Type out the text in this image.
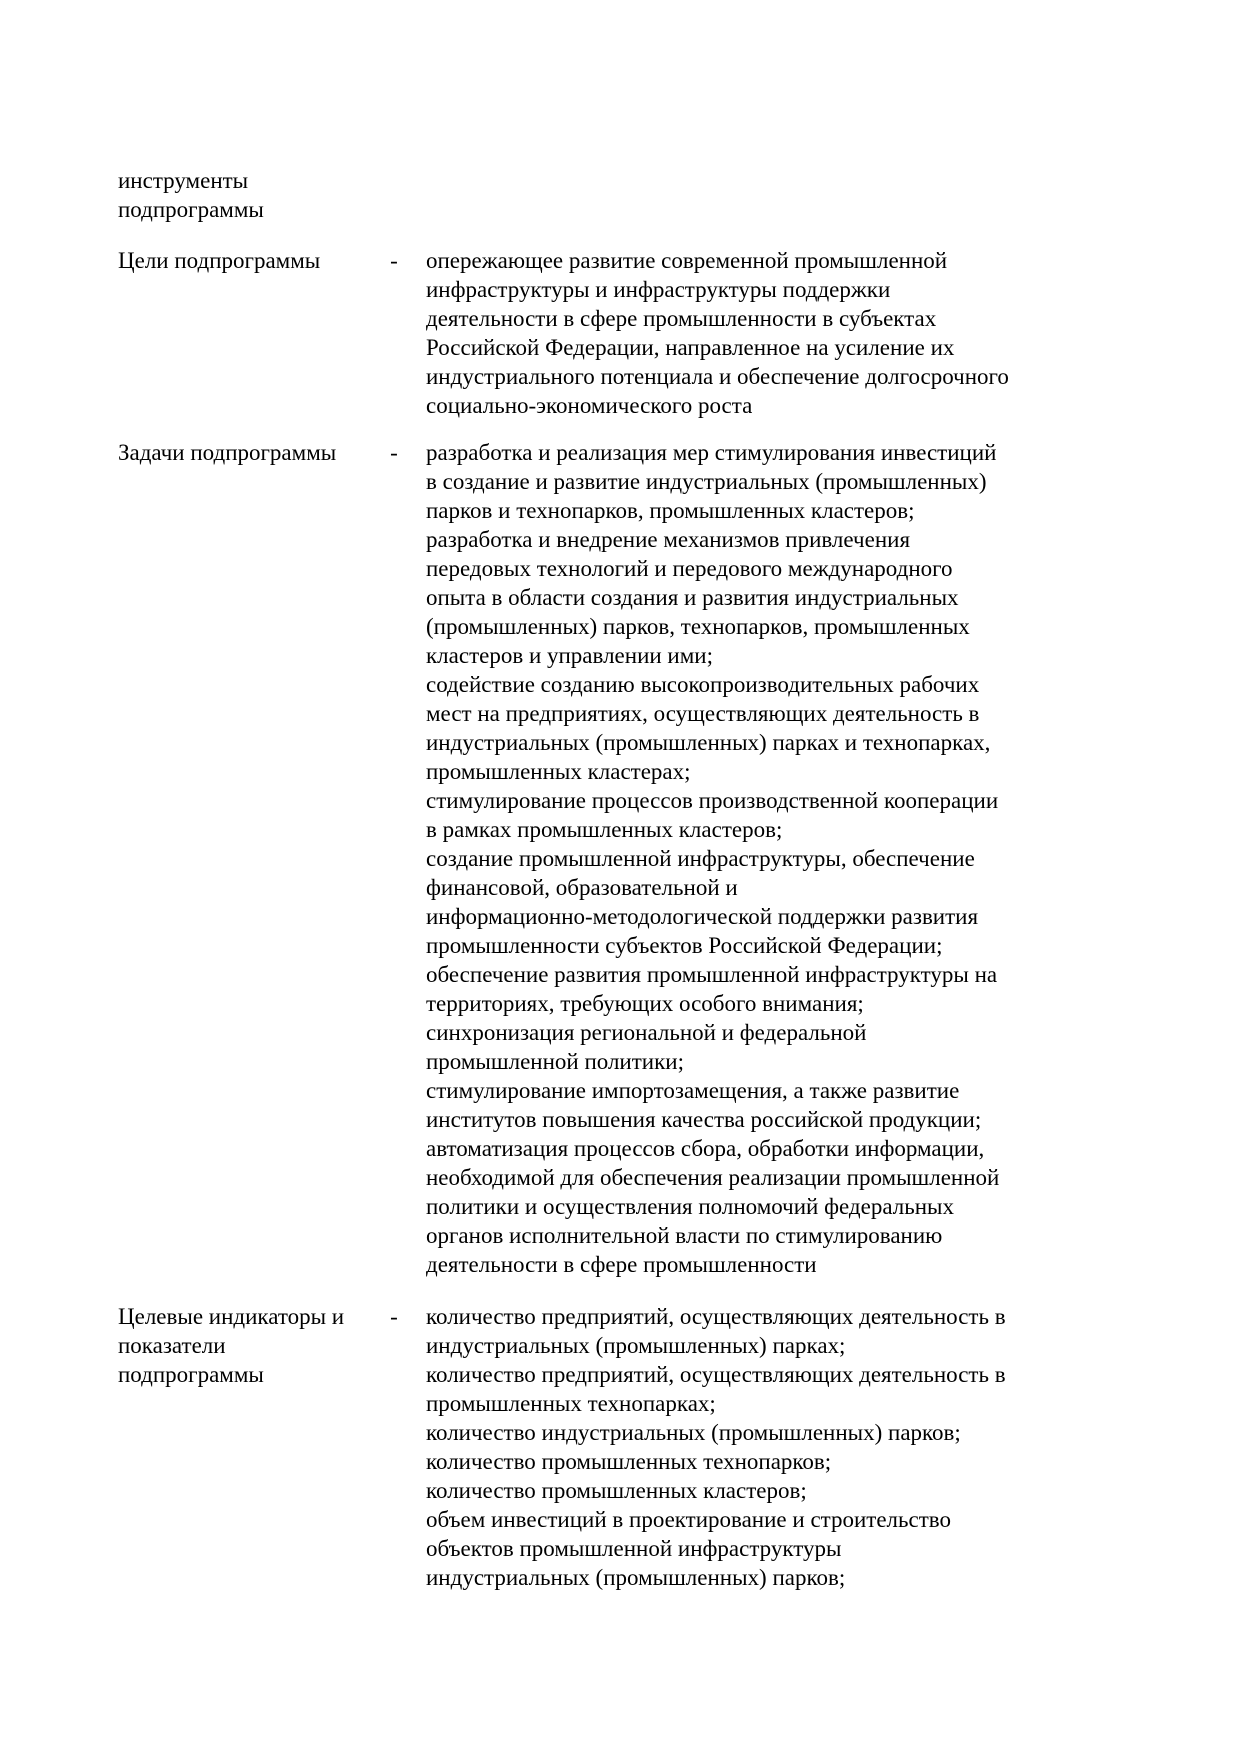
инструменты
подпрограммы
Цели подпрограммы	- опережающее развитие современной промышленной
инфраструктуры и инфраструктуры поддержки
деятельности в сфере промышленности в субъектах
Российской Федерации, направленное на усиление их
индустриального потенциала и обеспечение долгосрочного
социально-экономического роста
Задачи подпрограммы	- разработка и реализация мер стимулирования инвестиций
в создание и развитие индустриальных (промышленных)
парков и технопарков, промышленных кластеров;
разработка и внедрение механизмов привлечения
передовых технологий и передового международного
опыта в области создания и развития индустриальных
(промышленных) парков, технопарков, промышленных
кластеров и управлении ими;
содействие созданию высокопроизводительных рабочих
мест на предприятиях, осуществляющих деятельность в
индустриальных (промышленных) парках и технопарках,
промышленных кластерах;
стимулирование процессов производственной кооперации
в рамках промышленных кластеров;
создание промышленной инфраструктуры, обеспечение
финансовой, образовательной и
информационно-методологической поддержки развития
промышленности субъектов Российской Федерации;
обеспечение развития промышленной инфраструктуры на
территориях, требующих особого внимания;
синхронизация региональной и федеральной
промышленной политики;
стимулирование импортозамещения, а также развитие
институтов повышения качества российской продукции;
автоматизация процессов сбора, обработки информации,
необходимой для обеспечения реализации промышленной
политики и осуществления полномочий федеральных
органов исполнительной власти по стимулированию
деятельности в сфере промышленности
Целевые индикаторы и
показатели
подпрограммы
- количество предприятий, осуществляющих деятельность в
индустриальных (промышленных) парках;
количество предприятий, осуществляющих деятельность в
промышленных технопарках;
количество индустриальных (промышленных) парков;
количество промышленных технопарков;
количество промышленных кластеров;
объем инвестиций в проектирование и строительство
объектов промышленной инфраструктуры
индустриальных (промышленных) парков;
